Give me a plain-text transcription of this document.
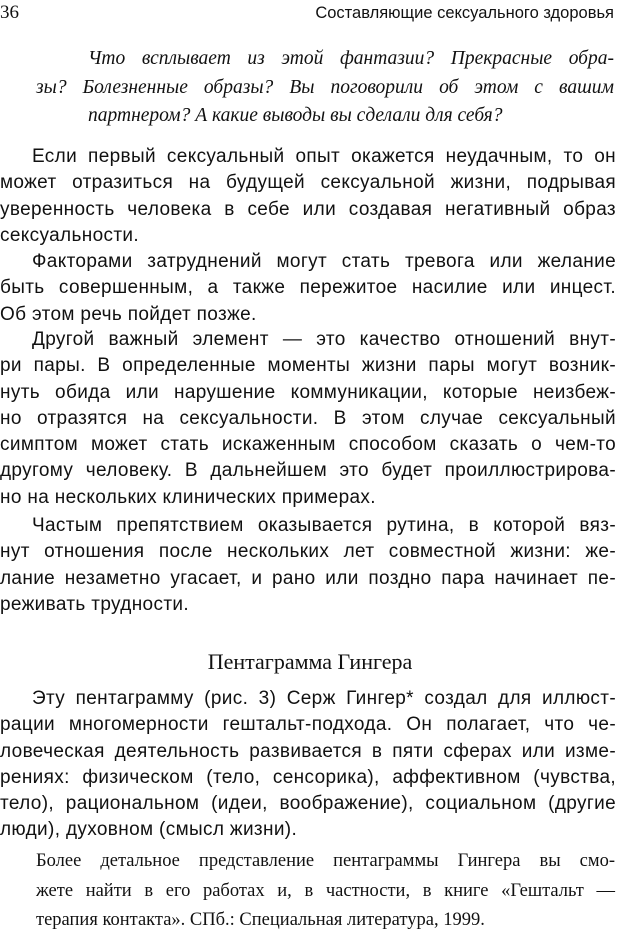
36	Составляющие сексуального здоровья
Что всплывает из этой фантазии? Прекрасные обра-
зы? Болезненные образы? Вы поговорили об этом с вашим
партнером? А какие выводы вы сделали для себя?
Если первый сексуальный опыт окажется неудачным, то он
может отразиться на будущей сексуальной жизни, подрывая
уверенность человека в себе или создавая негативный образ
сексуальности.
Факторами затруднений могут стать тревога или желание
быть совершенным, а также пережитое насилие или инцест.
Об этом речь пойдет позже.
Другой важный элемент — это качество отношений внут-
ри пары. В определенные моменты жизни пары могут возник-
нуть обида или нарушение коммуникации, которые неизбеж-
но отразятся на сексуальности. В этом случае сексуальный
симптом может стать искаженным способом сказать о чем-то
другому человеку. В дальнейшем это будет проиллюстрирова-
но на нескольких клинических примерах.
Частым препятствием оказывается рутина, в которой вяз-
нут отношения после нескольких лет совместной жизни: же-
лание незаметно угасает, и рано или поздно пара начинает пе-
реживать трудности.
Пентаграмма Гингера
Эту пентаграмму (рис. 3) Серж Гингер* создал для иллюст-
рации многомерности гештальт-подхода. Он полагает, что че-
ловеческая деятельность развивается в пяти сферах или изме-
рениях: физическом (тело, сенсорика), аффективном (чувства,
тело), рациональном (идеи, воображение), социальном (другие
люди), духовном (смысл жизни).
Более детальное представление пентаграммы Гингера вы смо-
жете найти в его работах и, в частности, в книге «Гештальт —
терапия контакта». СПб.: Специальная литература, 1999.
